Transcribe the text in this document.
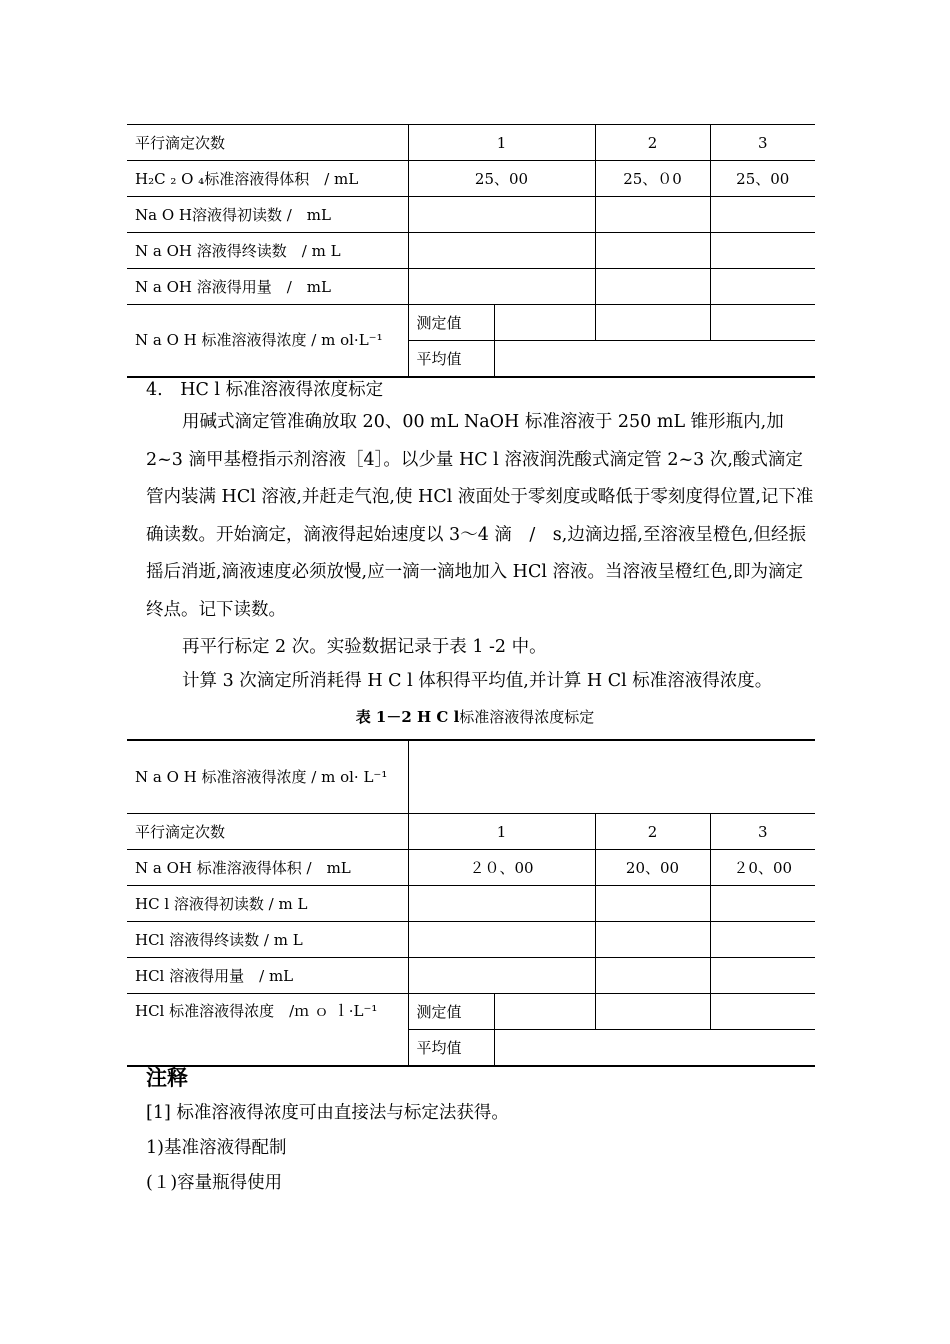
平行滴定次数	1		2	3
H₂C ₂ O ₄标准溶液得体积　/ mL	25、00		25、０0	25、00
Na O H溶液得初读数 /　mL				
N a OH 溶液得终读数　/ m L				
N a OH 溶液得用量　/　mL				
N a O H 标准溶液得浓度 / m ol·L⁻¹	测定值			
	平均值			
4.　HC l 标准溶液得浓度标定
用碱式滴定管准确放取 20、00 mL NaOH 标准溶液于 250 mL 锥形瓶内,加 2~3 滴甲基橙指示剂溶液［4］。以少量 HC l 溶液润洗酸式滴定管 2~3 次,酸式滴定管内装满 HCl 溶液,并赶走气泡,使 HCl 液面处于零刻度或略低于零刻度得位置,记下准确读数。开始滴定，滴液得起始速度以 3～4 滴　/　s,边滴边摇,至溶液呈橙色,但经振摇后消逝,滴液速度必须放慢,应一滴一滴地加入 HCl 溶液。当溶液呈橙红色,即为滴定终点。记下读数。
再平行标定 2 次。实验数据记录于表 1 -2 中。
计算 3 次滴定所消耗得 H C l 体积得平均值,并计算 H Cl 标准溶液得浓度。
表 1－2 H C l标准溶液得浓度标定
N a O H 标准溶液得浓度 / m ol· L⁻¹				
平行滴定次数	1		2	3
N a OH 标准溶液得体积 /　mL	２０、00		20、00	２0、00
HC l 溶液得初读数 / m L				
HCl 溶液得终读数 / m L				
HCl 溶液得用量　/ mL				
HCl 标准溶液得浓度　/ｍ ｏ ｌ·L⁻¹	测定值			
	平均值			
注释
[1] 标准溶液得浓度可由直接法与标定法获得。
1)基准溶液得配制
(１)容量瓶得使用
